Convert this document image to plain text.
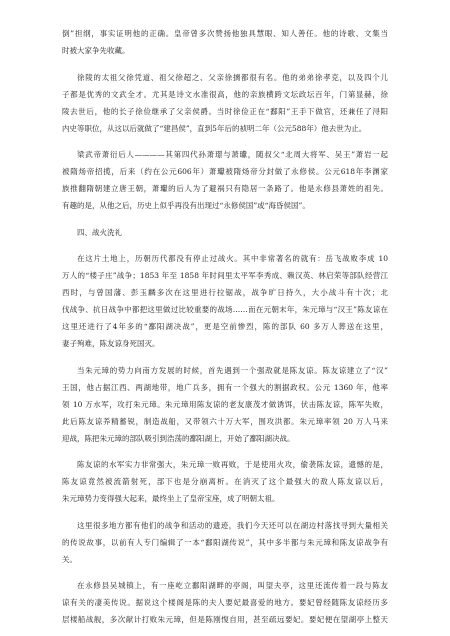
倒”担纲，事实证明他的正确。皇帝曾多次赞扬他独具慧眼、知人善任。他的诗歌、文集当
时被大家争先收藏。
徐陵的太祖父徐凭道、祖父徐超之、父亲徐摛都很有名。他的弟弟徐孝克，以及四个儿
子都是优秀的文武全才。尤其是诗文水准很高，他的亲族横跨文坛政坛百年，门第显赫，徐
陵去世后，他的长子徐俭继承了父亲侯爵。当时徐俭正在“鄱阳”王手下做官，还兼任了浔阳
内史等职位，从这以后就做了“建昌侯”，直到5年后的祯明二年（公元588年）他去世为止。
梁武帝萧衍后人————其第四代孙萧璟与萧瓛，随叔父“北周大将军、吴王”萧岩一起
被隋炀帝招揽，后来（约在公元606年）萧瓛被隋炀帝分封做了永修侯。公元618年李渊家
族推翻隋朝建立唐王朝，萧瓛的后人为了避祸只有隐居一条路了。他是永修县萧姓的祖先。
有趣的是，从他之后，历史上似乎再没有出现过“永修侯国”或“海昏侯国”。
四、战火洗礼
在这片土地上，历朝历代都没有停止过战火。其中非常著名的就有：岳飞战败李成 10
万人的“楼子庄”战争；1853 年至 1858 年时间里太平军李秀成、赖汉英、林启荣等部队经营江
西时，与曾国藩、彭玉麟多次在这里进行拉锯战，战争旷日持久，大小战斗有十次；北
伐战争、抗日战争中都把这里做过比较重要的战场……而在元朝末年，朱元璋与“汉王”陈友谅在
这里还进行了4年多的“鄱阳湖决战”，更是空前惨烈，陈的部队 60 多万人葬送在这里，
妻子殉难，陈友谅身死国灭。
当朱元璋的势力向南方发展的时候，首先遇到一个强敌就是陈友谅。陈友谅建立了“汉”
王国，他占据江西、两湖地带，地广兵多，拥有一个强大的割据政权。公元 1360 年，他率
领 10 万水军，攻打朱元璋。朱元璋用陈友谅的老友康茂才做诱饵，伏击陈友谅，陈军失败，
此后陈友谅养精蓄锐，制造战船，又带领六十万大军，围攻洪都。朱元璋率领 20 万人马来
迎战，陈把朱元璋的部队吸引到浩荡的鄱阳湖上，开始了鄱阳湖决战。
陈友谅的水军实力非常强大，朱元璋一败再败，于是使用火攻，偷袭陈友谅，遗憾的是，
陈友谅竟然被流箭射死，部下也是分崩离析。在消灭了这个最强大的敌人陈友谅以后，
朱元璋势力变得强大起来，最终坐上了皇帝宝座，成了明朝太祖。
这里很多地方都有他们的战争和活动的遗迹，我们今天还可以在湖边村落找寻到大量相关
的传说故事，以前有人专门编辑了一本“鄱阳湖传说”，其中多半都与朱元璋和陈友谅战争有
关。
在永修县吴城镇上，有一座屹立鄱阳湖畔的亭阁，叫望夫亭，这里还流传着一段与陈友
谅有关的凄美传说。据说这个楼阁是陈的夫人要妃最喜爱的地方。要妃曾经随陈友谅经历多
层楼船战舰，多次献计打败朱元璋，但是陈刚愎自用，甚至疏远要妃。要妃便在望湖亭上整天
